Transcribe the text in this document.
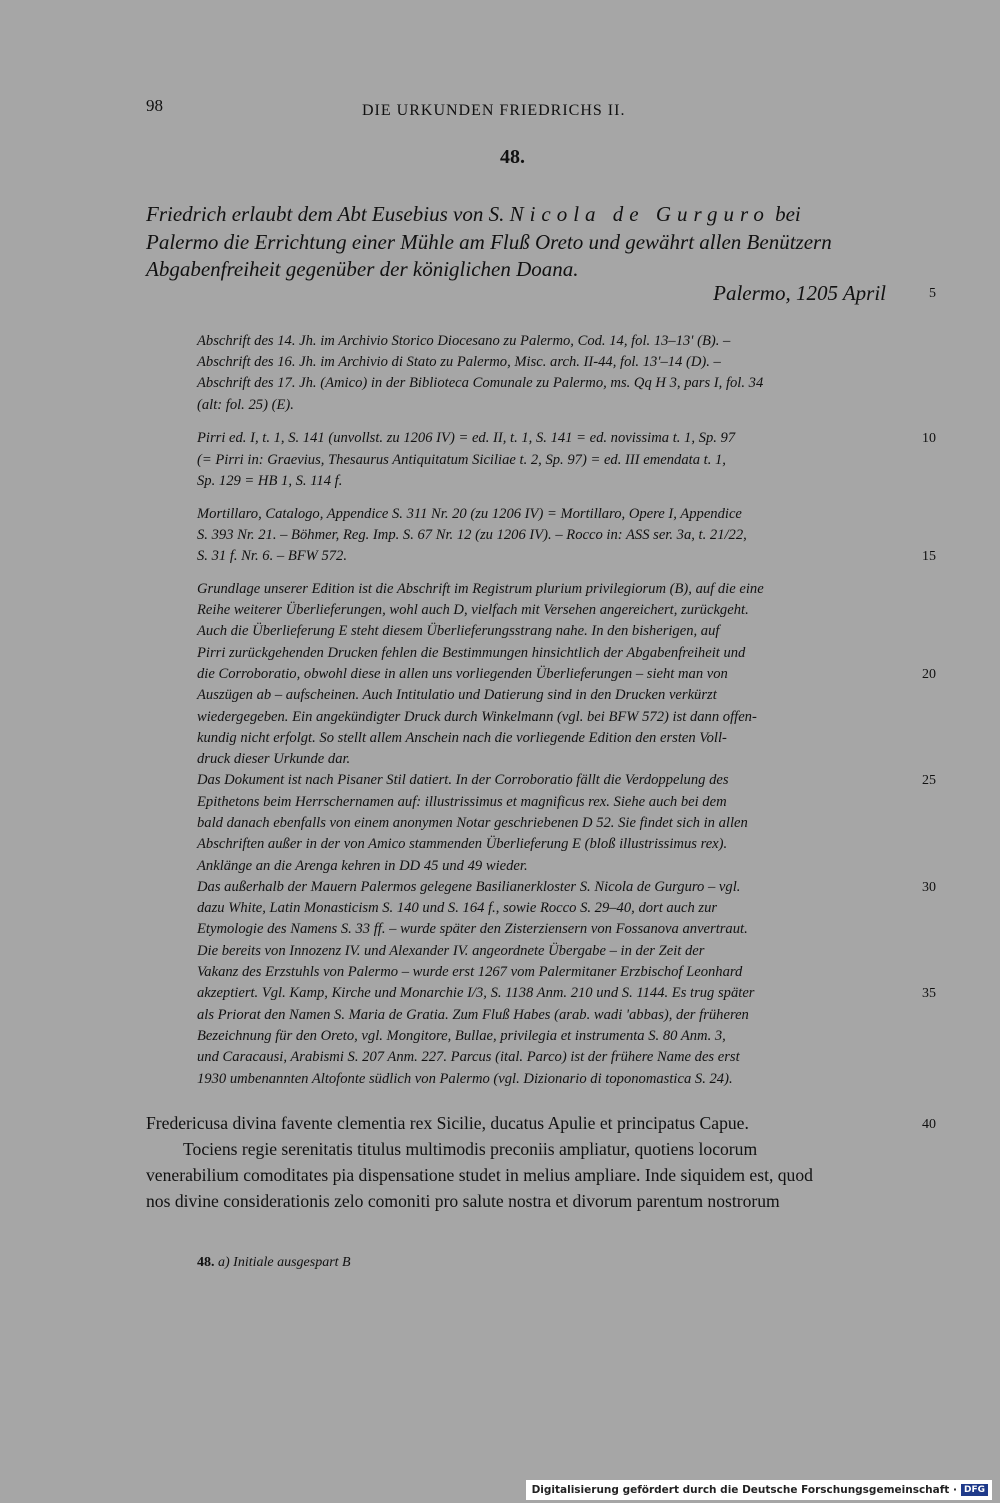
98	DIE URKUNDEN FRIEDRICHS II.
48.
Friedrich erlaubt dem Abt Eusebius von S. Nicola de Gurguro bei
Palermo die Errichtung einer Mühle am Fluß Oreto und gewährt allen Benützern
Abgabenfreiheit gegenüber der königlichen Doana.
Palermo, 1205 April
Abschrift des 14. Jh. im Archivio Storico Diocesano zu Palermo, Cod. 14, fol. 13–13' (B). –
Abschrift des 16. Jh. im Archivio di Stato zu Palermo, Misc. arch. II-44, fol. 13'–14 (D). –
Abschrift des 17. Jh. (Amico) in der Biblioteca Comunale zu Palermo, ms. Qq H 3, pars I, fol. 34
(alt: fol. 25) (E).
Pirri ed. I, t. 1, S. 141 (unvollst. zu 1206 IV) = ed. II, t. 1, S. 141 = ed. novissima t. 1, Sp. 97
(= Pirri in: Graevius, Thesaurus Antiquitatum Siciliae t. 2, Sp. 97) = ed. III emendata t. 1,
Sp. 129 = HB 1, S. 114 f.
Mortillaro, Catalogo, Appendice S. 311 Nr. 20 (zu 1206 IV) = Mortillaro, Opere I, Appendice
S. 393 Nr. 21. – Böhmer, Reg. Imp. S. 67 Nr. 12 (zu 1206 IV). – Rocco in: ASS ser. 3a, t. 21/22,
S. 31 f. Nr. 6. – BFW 572.
Grundlage unserer Edition ist die Abschrift im Registrum plurium privilegiorum (B), auf die eine
Reihe weiterer Überlieferungen, wohl auch D, vielfach mit Versehen angereichert, zurückgeht.
Auch die Überlieferung E steht diesem Überlieferungsstrang nahe. In den bisherigen, auf
Pirri zurückgehenden Drucken fehlen die Bestimmungen hinsichtlich der Abgabenfreiheit und
die Corroboratio, obwohl diese in allen uns vorliegenden Überlieferungen – sieht man von
Auszügen ab – aufscheinen. Auch Intitulatio und Datierung sind in den Drucken verkürzt
wiedergegeben. Ein angekündigter Druck durch Winkelmann (vgl. bei BFW 572) ist dann offen-
kundig nicht erfolgt. So stellt allem Anschein nach die vorliegende Edition den ersten Voll-
druck dieser Urkunde dar.
Das Dokument ist nach Pisaner Stil datiert. In der Corroboratio fällt die Verdoppelung des
Epithetons beim Herrschernamen auf: illustrissimus et magnificus rex. Siehe auch bei dem
bald danach ebenfalls von einem anonymen Notar geschriebenen D 52. Sie findet sich in allen
Abschriften außer in der von Amico stammenden Überlieferung E (bloß illustrissimus rex).
Anklänge an die Arenga kehren in DD 45 und 49 wieder.
Das außerhalb der Mauern Palermos gelegene Basilianerkloster S. Nicola de Gurguro – vgl.
dazu White, Latin Monasticism S. 140 und S. 164 f., sowie Rocco S. 29–40, dort auch zur
Etymologie des Namens S. 33 ff. – wurde später den Zisterziensern von Fossanova anvertraut.
Die bereits von Innozenz IV. und Alexander IV. angeordnete Übergabe – in der Zeit der
Vakanz des Erzstuhls von Palermo – wurde erst 1267 vom Palermitaner Erzbischof Leonhard
akzeptiert. Vgl. Kamp, Kirche und Monarchie I/3, S. 1138 Anm. 210 und S. 1144. Es trug später
als Priorat den Namen S. Maria de Gratia. Zum Fluß Habes (arab. wadi 'abbas), der früheren
Bezeichnung für den Oreto, vgl. Mongitore, Bullae, privilegia et instrumenta S. 80 Anm. 3,
und Caracausi, Arabismi S. 207 Anm. 227. Parcus (ital. Parco) ist der frühere Name des erst
1930 umbenannten Altofonte südlich von Palermo (vgl. Dizionario di toponomastica S. 24).
Fredericusa divina favente clementia rex Sicilie, ducatus Apulie et principatus Capue.
Tociens regie serenitatis titulus multimodis preconiis ampliatur, quotiens locorum
venerabilium comoditates pia dispensatione studet in melius ampliare. Inde siquidem est, quod
nos divine considerationis zelo comoniti pro salute nostra et divorum parentum nostrorum
5
10
15
20
25
30
35
40
48. a) Initiale ausgespart B
Digitalisierung gefördert durch die Deutsche Forschungsgemeinschaft · DFG
